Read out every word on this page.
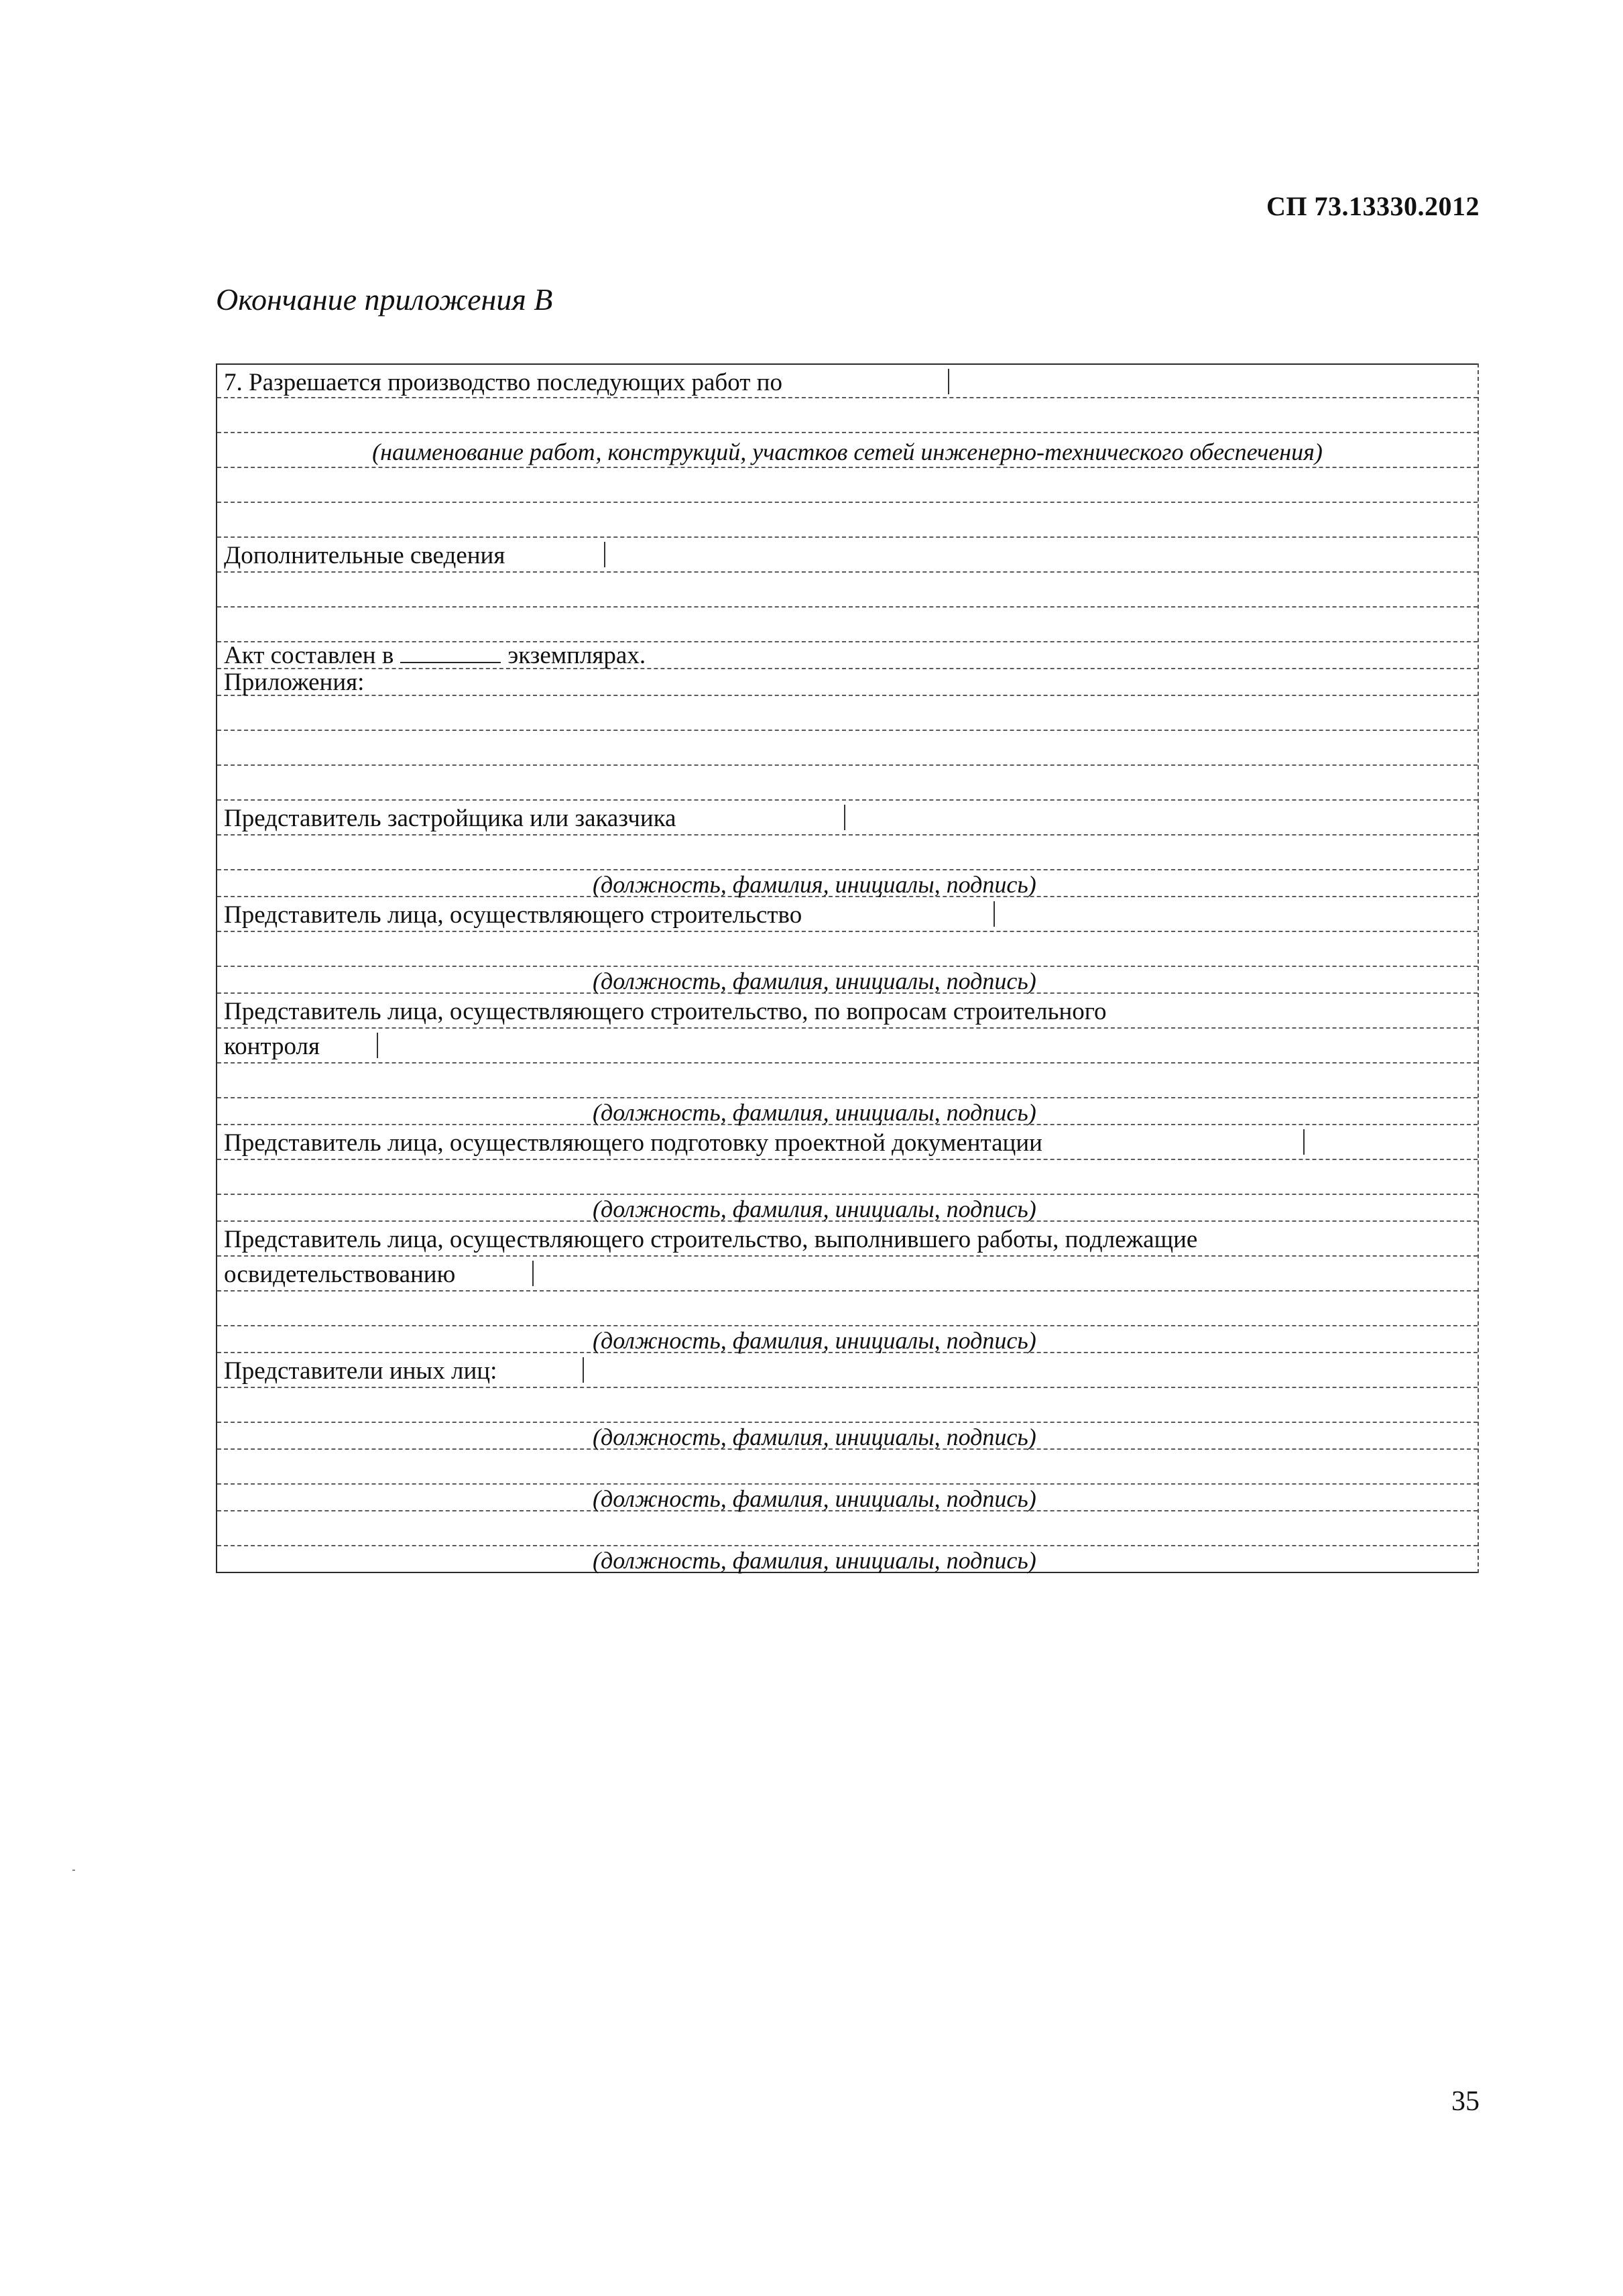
СП 73.13330.2012
Окончание приложения В
7. Разрешается производство последующих работ по
(наименование работ, конструкций, участков сетей инженерно-технического обеспечения)
Дополнительные сведения
Акт составлен в	экземплярах.
Приложения:
Представитель застройщика или заказчика
(должность, фамилия, инициалы, подпись)
Представитель лица, осуществляющего строительство
(должность, фамилия, инициалы, подпись)
Представитель лица, осуществляющего строительство, по вопросам строительного
контроля
(должность, фамилия, инициалы, подпись)
Представитель лица, осуществляющего подготовку проектной документации
(должность, фамилия, инициалы, подпись)
Представитель лица, осуществляющего строительство, выполнившего работы, подлежащие
освидетельствованию
(должность, фамилия, инициалы, подпись)
Представители иных лиц:
(должность, фамилия, инициалы, подпись)
(должность, фамилия, инициалы, подпись)
(должность, фамилия, инициалы, подпись)
35
